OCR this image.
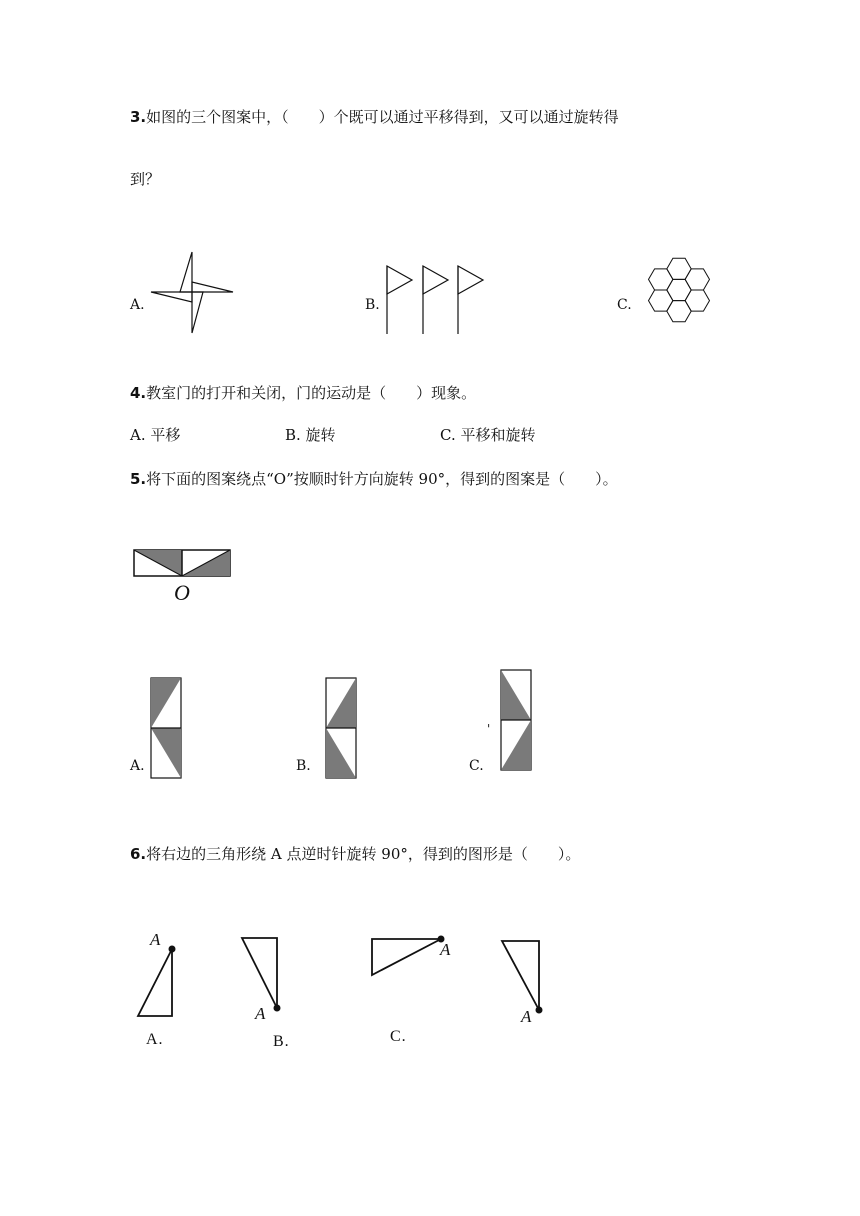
3.如图的三个图案中，（　　）个既可以通过平移得到，又可以通过旋转得
到？
A.	B.	C.
4.教室门的打开和关闭，门的运动是（　　）现象。
A. 平移	B. 旋转	C. 平移和旋转
5.将下面的图案绕点“O”按顺时针方向旋转 90°，得到的图案是（　　）。
O
A.	B.
'
C.
6.将右边的三角形绕 A 点逆时针旋转 90°，得到的图形是（　　）。
A
A.
A
B.
A
C.
A
